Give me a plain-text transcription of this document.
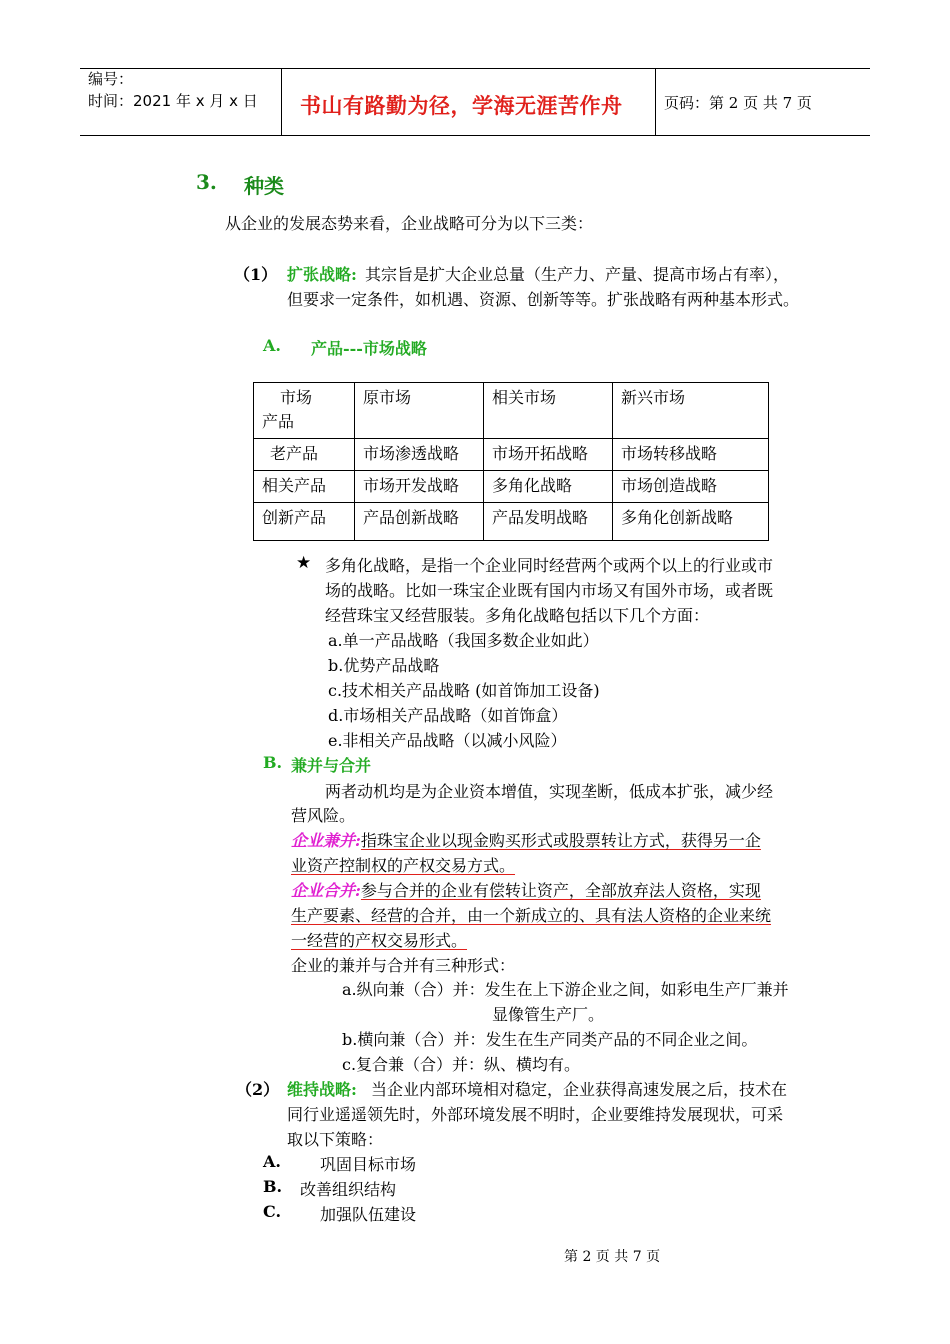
编号：
时间：2021 年 x 月 x 日 书山有路勤为径，学海无涯苦作舟	页码：第 2 页 共 7 页
3. 种类
从企业的发展态势来看，企业战略可分为以下三类：
（1） 扩张战略: 其宗旨是扩大企业总量（生产力、产量、提高市场占有率），
但要求一定条件，如机遇、资源、创新等等。扩张战略有两种基本形式。
A. 产品---市场战略
市场
产品	原市场	相关市场	新兴市场
老产品	市场渗透战略	市场开拓战略	市场转移战略
相关产品	市场开发战略	多角化战略	市场创造战略
创新产品	产品创新战略	产品发明战略	多角化创新战略
★ 多角化战略，是指一个企业同时经营两个或两个以上的行业或市
场的战略。比如一珠宝企业既有国内市场又有国外市场，或者既
经营珠宝又经营服装。多角化战略包括以下几个方面：
a.单一产品战略（我国多数企业如此）
b.优势产品战略
c.技术相关产品战略 (如首饰加工设备)
d.市场相关产品战略（如首饰盒）
e.非相关产品战略（以减小风险）
B. 兼并与合并
两者动机均是为企业资本增值，实现垄断，低成本扩张，减少经
营风险。
企业兼并:指珠宝企业以现金购买形式或股票转让方式，获得另一企
业资产控制权的产权交易方式。
企业合并:参与合并的企业有偿转让资产，全部放弃法人资格，实现
生产要素、经营的合并，由一个新成立的、具有法人资格的企业来统
一经营的产权交易形式。
企业的兼并与合并有三种形式：
a.纵向兼（合）并：发生在上下游企业之间，如彩电生产厂兼并
显像管生产厂。
b.横向兼（合）并：发生在生产同类产品的不同企业之间。
c.复合兼（合）并：纵、横均有。
（2） 维持战略: 当企业内部环境相对稳定，企业获得高速发展之后，技术在
同行业遥遥领先时，外部环境发展不明时，企业要维持发展现状，可采
取以下策略：
A. 巩固目标市场
B. 改善组织结构
C. 加强队伍建设
第 2 页 共 7 页
